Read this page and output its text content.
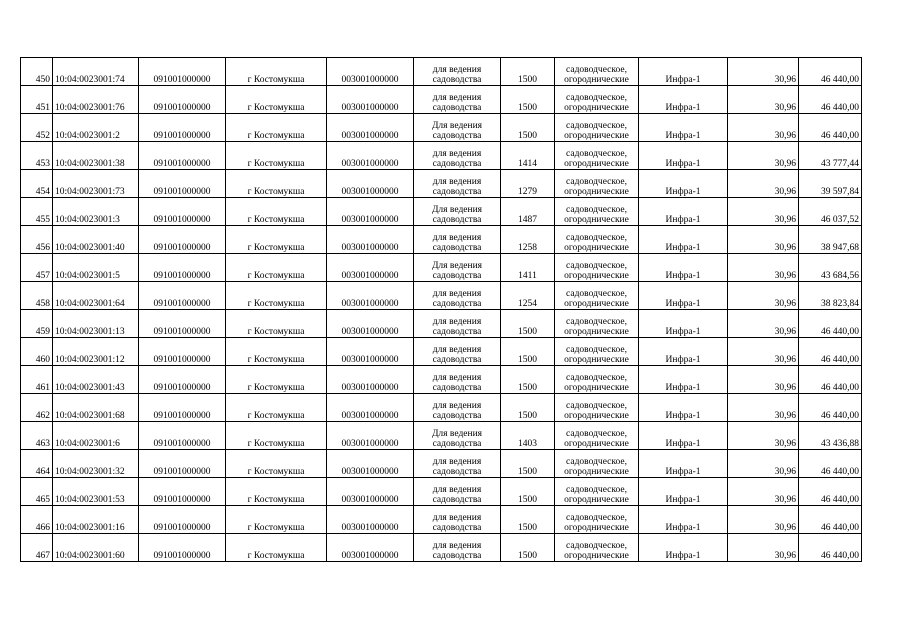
450	10:04:0023001:74	091001000000	г Костомукша	003001000000	для ведения
садоводства	1500	садоводческое,
огороднические	Инфра-1	30,96	46 440,00
451	10:04:0023001:76	091001000000	г Костомукша	003001000000	для ведения
садоводства	1500	садоводческое,
огороднические	Инфра-1	30,96	46 440,00
452	10:04:0023001:2	091001000000	г Костомукша	003001000000	Для ведения
садоводства	1500	садоводческое,
огороднические	Инфра-1	30,96	46 440,00
453	10:04:0023001:38	091001000000	г Костомукша	003001000000	для ведения
садоводства	1414	садоводческое,
огороднические	Инфра-1	30,96	43 777,44
454	10:04:0023001:73	091001000000	г Костомукша	003001000000	для ведения
садоводства	1279	садоводческое,
огороднические	Инфра-1	30,96	39 597,84
455	10:04:0023001:3	091001000000	г Костомукша	003001000000	Для ведения
садоводства	1487	садоводческое,
огороднические	Инфра-1	30,96	46 037,52
456	10:04:0023001:40	091001000000	г Костомукша	003001000000	для ведения
садоводства	1258	садоводческое,
огороднические	Инфра-1	30,96	38 947,68
457	10:04:0023001:5	091001000000	г Костомукша	003001000000	Для ведения
садоводства	1411	садоводческое,
огороднические	Инфра-1	30,96	43 684,56
458	10:04:0023001:64	091001000000	г Костомукша	003001000000	для ведения
садоводства	1254	садоводческое,
огороднические	Инфра-1	30,96	38 823,84
459	10:04:0023001:13	091001000000	г Костомукша	003001000000	для ведения
садоводства	1500	садоводческое,
огороднические	Инфра-1	30,96	46 440,00
460	10:04:0023001:12	091001000000	г Костомукша	003001000000	для ведения
садоводства	1500	садоводческое,
огороднические	Инфра-1	30,96	46 440,00
461	10:04:0023001:43	091001000000	г Костомукша	003001000000	для ведения
садоводства	1500	садоводческое,
огороднические	Инфра-1	30,96	46 440,00
462	10:04:0023001:68	091001000000	г Костомукша	003001000000	для ведения
садоводства	1500	садоводческое,
огороднические	Инфра-1	30,96	46 440,00
463	10:04:0023001:6	091001000000	г Костомукша	003001000000	Для ведения
садоводства	1403	садоводческое,
огороднические	Инфра-1	30,96	43 436,88
464	10:04:0023001:32	091001000000	г Костомукша	003001000000	для ведения
садоводства	1500	садоводческое,
огороднические	Инфра-1	30,96	46 440,00
465	10:04:0023001:53	091001000000	г Костомукша	003001000000	для ведения
садоводства	1500	садоводческое,
огороднические	Инфра-1	30,96	46 440,00
466	10:04:0023001:16	091001000000	г Костомукша	003001000000	для ведения
садоводства	1500	садоводческое,
огороднические	Инфра-1	30,96	46 440,00
467	10:04:0023001:60	091001000000	г Костомукша	003001000000	для ведения
садоводства	1500	садоводческое,
огороднические	Инфра-1	30,96	46 440,00
